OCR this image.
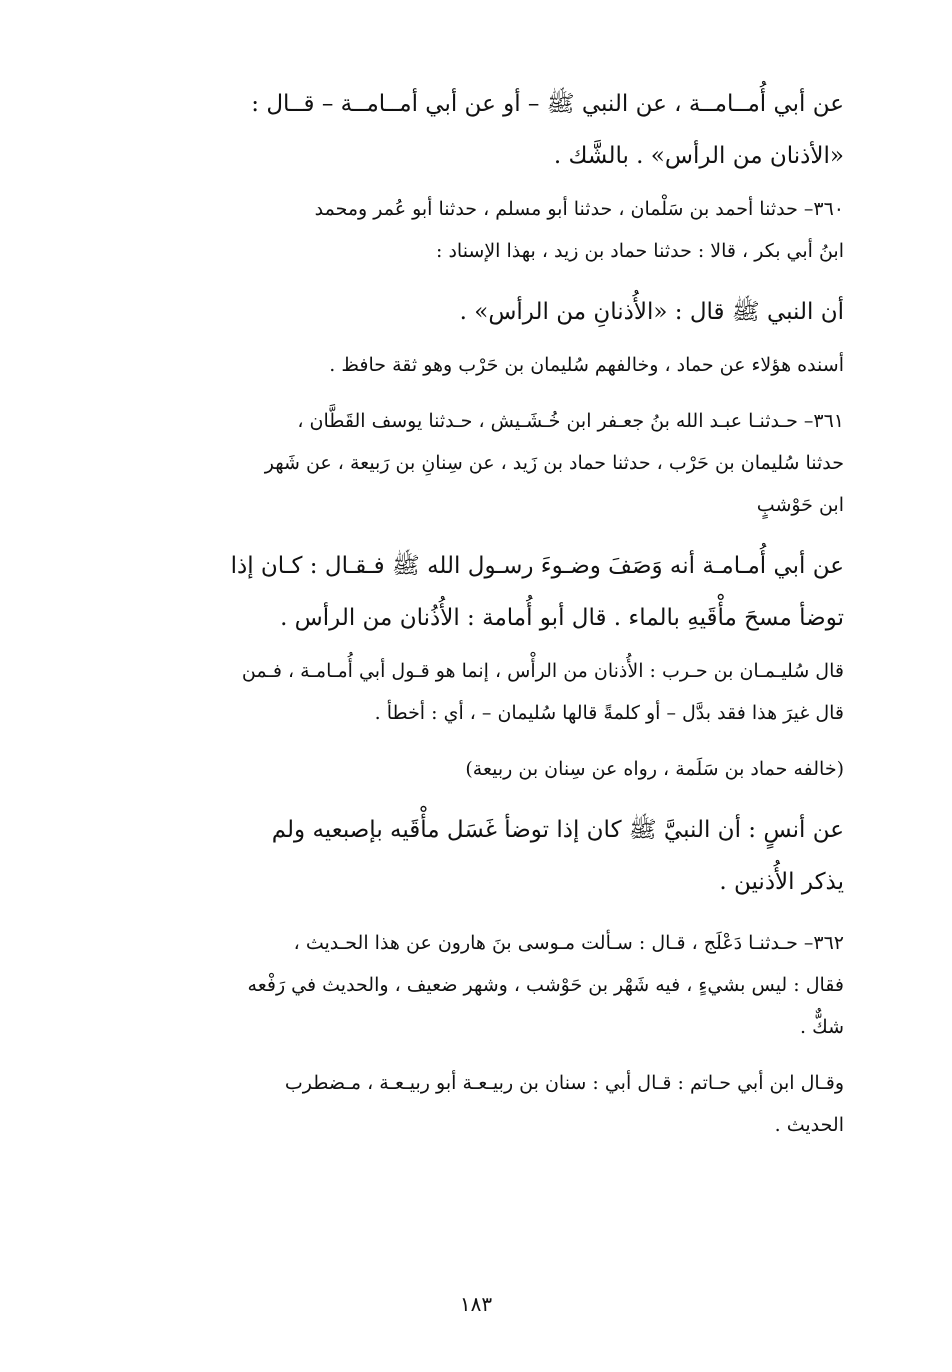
عن أبي أُمــامــة ، عن النبي ﷺ – أو عن أبي أمــامــة – قــال :
«الأذنان من الرأس» . بالشَّك .

٣٦٠– حدثنا أحمد بن سَلْمان ، حدثنا أبو مسلم ، حدثنا أبو عُمر ومحمد
ابنُ أبي بكر ، قالا : حدثنا حماد بن زيد ، بهذا الإسناد :

أن النبي ﷺ قال : «الأُذنانِ من الرأس» .

أسنده هؤلاء عن حماد ، وخالفهم سُليمان بن حَرْب وهو ثقة حافظ .

٣٦١– حـدثنـا عبـد الله بنُ جعـفر ابن خُـشَـيش ، حـدثنا يوسف القَطَّان ،
حدثنا سُليمان بن حَرْب ، حدثنا حماد بن زَيد ، عن سِنانِ بن رَبيعة ، عن شَهر
ابن حَوْشبٍ

عن أبي أُمـامـة أنه وَصَفَ وضـوءَ رسـول الله ﷺ فـقـال : كـان إذا
توضأ مسحَ مأْقَيهِ بالماء . قال أبو أُمامة : الأُذُنان من الرأس .

قال سُليـمـان بن حـرب : الأُذنان من الرأْس ، إنما هو قـول أبي أُمـامـة ، فـمن
قال غيرَ هذا فقد بدَّل – أو كلمةً قالها سُليمان – ، أي : أخطأ .

(خالفه حماد بن سَلَمة ، رواه عن سِنان بن ربيعة)

عن أنسٍ : أن النبيَّ ﷺ كان إذا توضأ غَسَل مأْقَيه بإصبعيه ولم
يذكر الأُذنين .

٣٦٢– حـدثنـا دَعْلَج ، قـال : سـألت مـوسى بنَ هارون عن هذا الحـديث ،
فقال : ليس بشيءٍ ، فيه شَهْر بن حَوْشب ، وشهر ضعيف ، والحديث في رَفْعه
شكٌّ .

وقـال ابن أبي حـاتم : قـال أبي : سنان بن ربيـعـة أبو ربيـعـة ، مـضطرب
الحديث .

١٨٣
